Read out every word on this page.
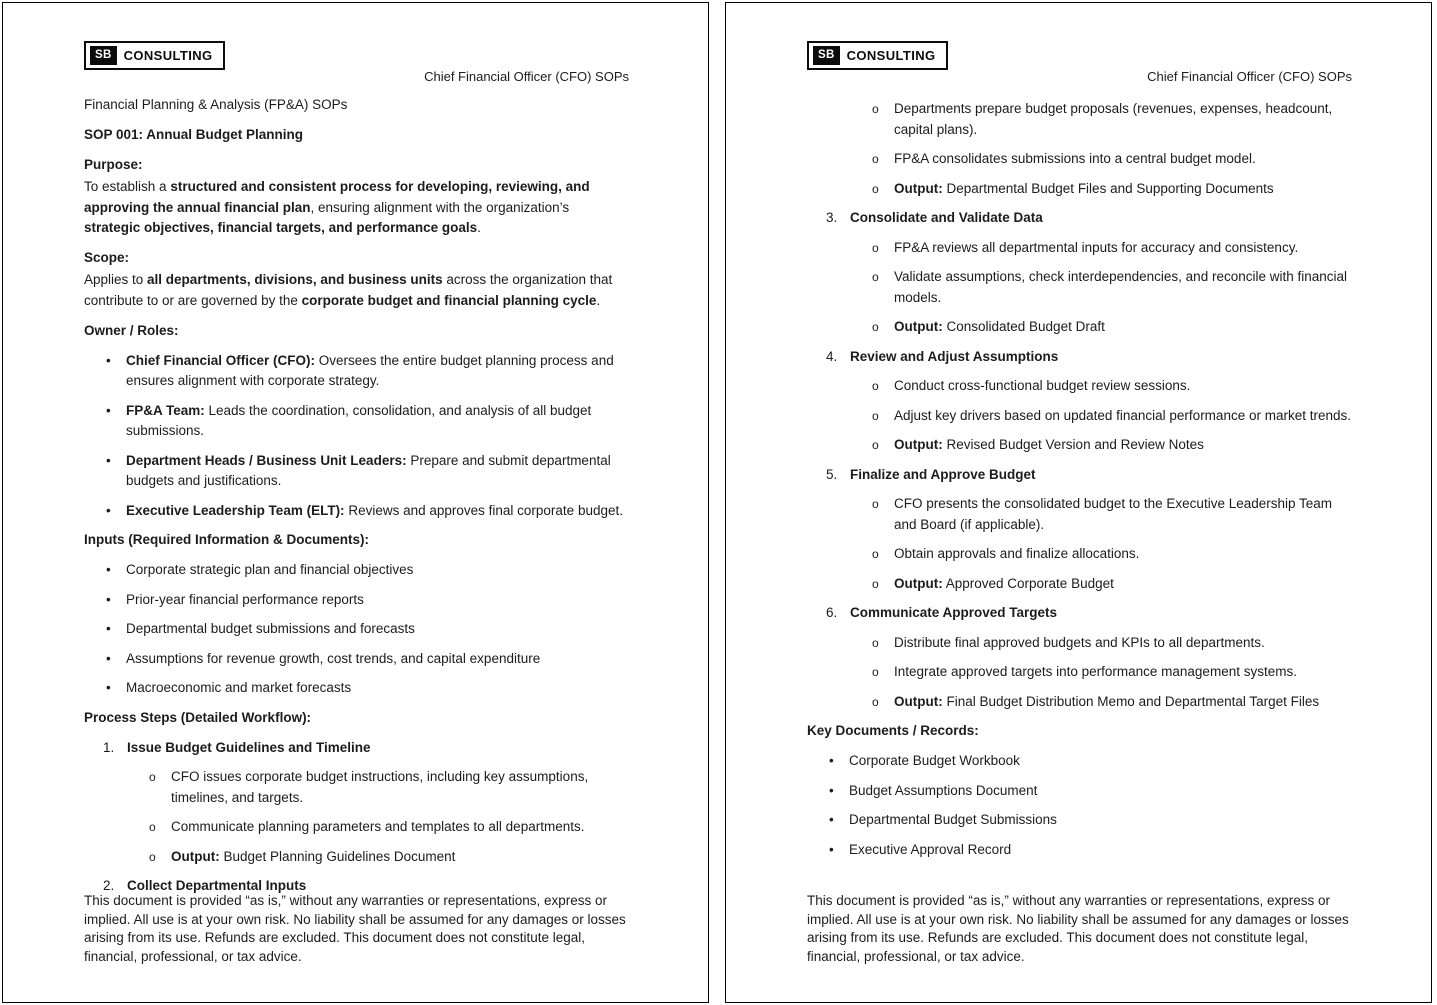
SB CONSULTING
Chief Financial Officer (CFO) SOPs

Financial Planning & Analysis (FP&A) SOPs

SOP 001: Annual Budget Planning

Purpose:

To establish a structured and consistent process for developing, reviewing, and approving the annual financial plan, ensuring alignment with the organization’s strategic objectives, financial targets, and performance goals.

Scope:

Applies to all departments, divisions, and business units across the organization that contribute to or are governed by the corporate budget and financial planning cycle.

Owner / Roles:

• Chief Financial Officer (CFO): Oversees the entire budget planning process and ensures alignment with corporate strategy.
• FP&A Team: Leads the coordination, consolidation, and analysis of all budget submissions.
• Department Heads / Business Unit Leaders: Prepare and submit departmental budgets and justifications.
• Executive Leadership Team (ELT): Reviews and approves final corporate budget.

Inputs (Required Information & Documents):

• Corporate strategic plan and financial objectives
• Prior-year financial performance reports
• Departmental budget submissions and forecasts
• Assumptions for revenue growth, cost trends, and capital expenditure
• Macroeconomic and market forecasts

Process Steps (Detailed Workflow):

1. Issue Budget Guidelines and Timeline
o CFO issues corporate budget instructions, including key assumptions, timelines, and targets.
o Communicate planning parameters and templates to all departments.
o Output: Budget Planning Guidelines Document
2. Collect Departmental Inputs
This document is provided “as is,” without any warranties or representations, express or implied. All use is at your own risk. No liability shall be assumed for any damages or losses arising from its use. Refunds are excluded. This document does not constitute legal, financial, professional, or tax advice.
SB CONSULTING
Chief Financial Officer (CFO) SOPs
o Departments prepare budget proposals (revenues, expenses, headcount, capital plans).
o FP&A consolidates submissions into a central budget model.
o Output: Departmental Budget Files and Supporting Documents
3. Consolidate and Validate Data
o FP&A reviews all departmental inputs for accuracy and consistency.
o Validate assumptions, check interdependencies, and reconcile with financial models.
o Output: Consolidated Budget Draft
4. Review and Adjust Assumptions
o Conduct cross-functional budget review sessions.
o Adjust key drivers based on updated financial performance or market trends.
o Output: Revised Budget Version and Review Notes
5. Finalize and Approve Budget
o CFO presents the consolidated budget to the Executive Leadership Team and Board (if applicable).
o Obtain approvals and finalize allocations.
o Output: Approved Corporate Budget
6. Communicate Approved Targets
o Distribute final approved budgets and KPIs to all departments.
o Integrate approved targets into performance management systems.
o Output: Final Budget Distribution Memo and Departmental Target Files

Key Documents / Records:

• Corporate Budget Workbook
• Budget Assumptions Document
• Departmental Budget Submissions
• Executive Approval Record
This document is provided “as is,” without any warranties or representations, express or implied. All use is at your own risk. No liability shall be assumed for any damages or losses arising from its use. Refunds are excluded. This document does not constitute legal, financial, professional, or tax advice.
